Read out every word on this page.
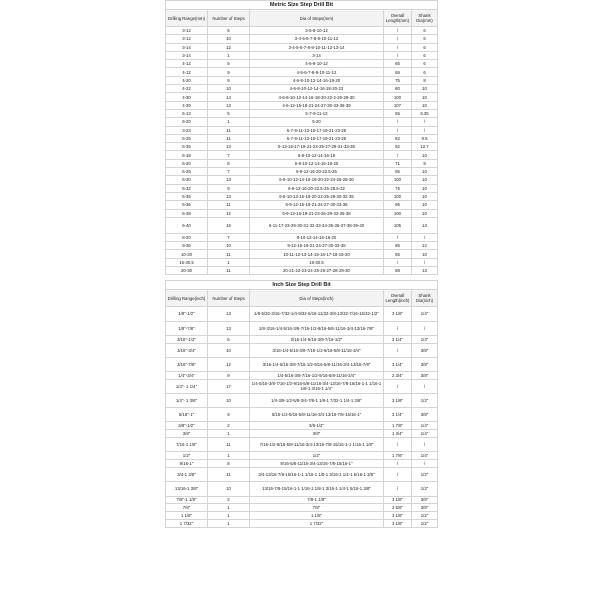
Metric Size Step Drill Bit				
Drilling Range(mm)	Number of Steps	Dia of Steps(mm)	Overall Length(mm)	Shank Dia(mm)
3-12	5	3-6-8-10-12	/	6
3-12	10	3-4-5-6-7-8-9-10-11-12	/	6
3-14	12	3-4-5-6-7-8-9-10-11-12-13-14	/	6
3-14	1	3-14	/	6
4-12	5	4-6-8-10-12	65	6
4-12	9	4-5-6-7-8-9-10-11-12	65	6
4-20	9	4-6-8-10-12-14-16-18-20	75	8
4-22	10	4-6-8-10-12-14-16-18-20-22	80	10
4-30	14	4-6-8-10-12-14-16-18-20-22-2-26-28-30	100	10
4-39	13	4-6-12-15-18-21-24-27-30-33-36-39	107	10
5-13	5	5-7-9-11-13	65	6.35
5-20	1	5-20	/	/
3-23	11	5-7-9-11-13-15-17-19-21-23-25	/	/
5-25	11	5-7-9-11-13-15-17-19-21-23-25	82	9.5
5-35	13	5-13-15-17-19-21-23-25-27-29-31-33-35	92	12.7
6-18	7	6-8-10-12-14-16-18	/	10
6-20	8	6-8-10-12-14-16-18-20	71	9
6-25	7	6-9-12-16-20-22.5-25	65	10
6-30	13	6-8-10-12-14-16-18-20-22-24-26-28-30	100	10
6-32	9	6-9-12-16-20-22.5-25-28.5-32	76	10
6-35	13	6-8-10-13-16-18-20-22-25-28-30-32-35	100	10
6-36	11	6-9-12-15-18-21-24-27-30-33-36	95	10
6-38	12	6-9-13-16-19-21-23-26-29-32-35-38	100	10
6-40	16	6-11-17-23-29-30-31-32-33-34-35-36-37-38-39-40	105	13
8-20	7	8-10-12-14-16-18-20	/	/
9-36	10	9-12-15-18-21-24-27-30-33-36	85	12
10-20	11	10-11-12-13-14-15-16-17-18-19-20	65	10
16-30.5	1	16-30.5	/	/
20-30	11	20-21-22-23-24-25-26-27-28-29-30	88	13
Inch Size Step Drill Bit				
Drilling Range(inch)	Number of Steps	Dia of Steps(inch)	Overall Length(inch)	Shank Dia(inch)
1/8"-1/2"	13	1/8-5/32-3/16-7/32-1/4-9/32-5/16-11/32-3/8-13/32-7/16-15/32-1/2"	3 1/8"	1/4"
1/8"-7/8"	13	1/8-3/16-1/4-5/16-3/8-7/16-1/2-9/16-5/8-11/16-3/4-13/16-7/8"	/	/
3/16"-1/2"	6	3/16-1/4-5/16-3/8-7/16-1/2"	3 1/4"	1/4"
3/16"-3/4"	10	3/16-1/4-5/16-3/8-7/16-1/2-9/16-5/8-11/16-3/4"	/	3/8"
3/16"-7/8"	12	3/16-1/4-5/16-3/8-7/16-1/2-9/16-5/8-11/16-3/4-13/16-7/8"	3 1/4"	3/8"
1/4"-3/4"	9	1/4-5/16-3/8-7/16-1/2-9/16-5/8-11/16-3/4"	2 3/4"	3/8"
1/4"- 1 1/4"	17	1/4-5/16-3/8-7/16-1/2-9/16-5/8-11/16-3/4-13/16-7/8-15/16-1-1 1/16-1 1/8-1 3/16-1 1/4"	/	/
1/4"- 1 3/8"	10	1/4-3/8-1/2-5/8-3/4-7/8-1 1/8-1 7/32-1 1/4-1 3/8"	3 1/8"	1/2"
5/16"-1"	9	5/16-1/2-9/16-5/8-11/16-3/4-13/16-7/8-15/16-1"	3 1/4"	3/8"
3/8"-1/2"	2	3/8-1/2"	1 7/8"	1/4"
3/8"	1	3/8"	1 3/4"	1/4"
7/16-1 1/8"	11	7/16-1/2-9/16-5/8-11/16-3/4-13/16-7/8-15/16-1-1 1/16-1 1/8"	/	/
1/2"	1	1/2"	1 7/8"	1/4"
9/16-1"	8	9/16-5/8-11/16-3/4-13/16-7/8-15/16-1"	/	/
3/4-1 3/8"	11	3/4-13/16-7/8-15/16-1-1 1/16-1 1/8-1 3/16-1 1/4-1 5/16-1 3/8"	/	1/2"
13/16-1 3/8"	10	13/16-7/8-15/16-1-1 1/16-1 1/8-1 3/16-1 1/4-1 5/16-1 3/8"	/	1/2"
7/8"-1 1/8"	2	7/8-1 1/8"	3 1/8"	3/8"
7/8"	1	7/8"	2 5/8"	3/8"
1 1/8"	1	1 1/8"	3 1/8"	1/2"
1 7/32"	1	1 7/32"	3 1/8"	1/2"
